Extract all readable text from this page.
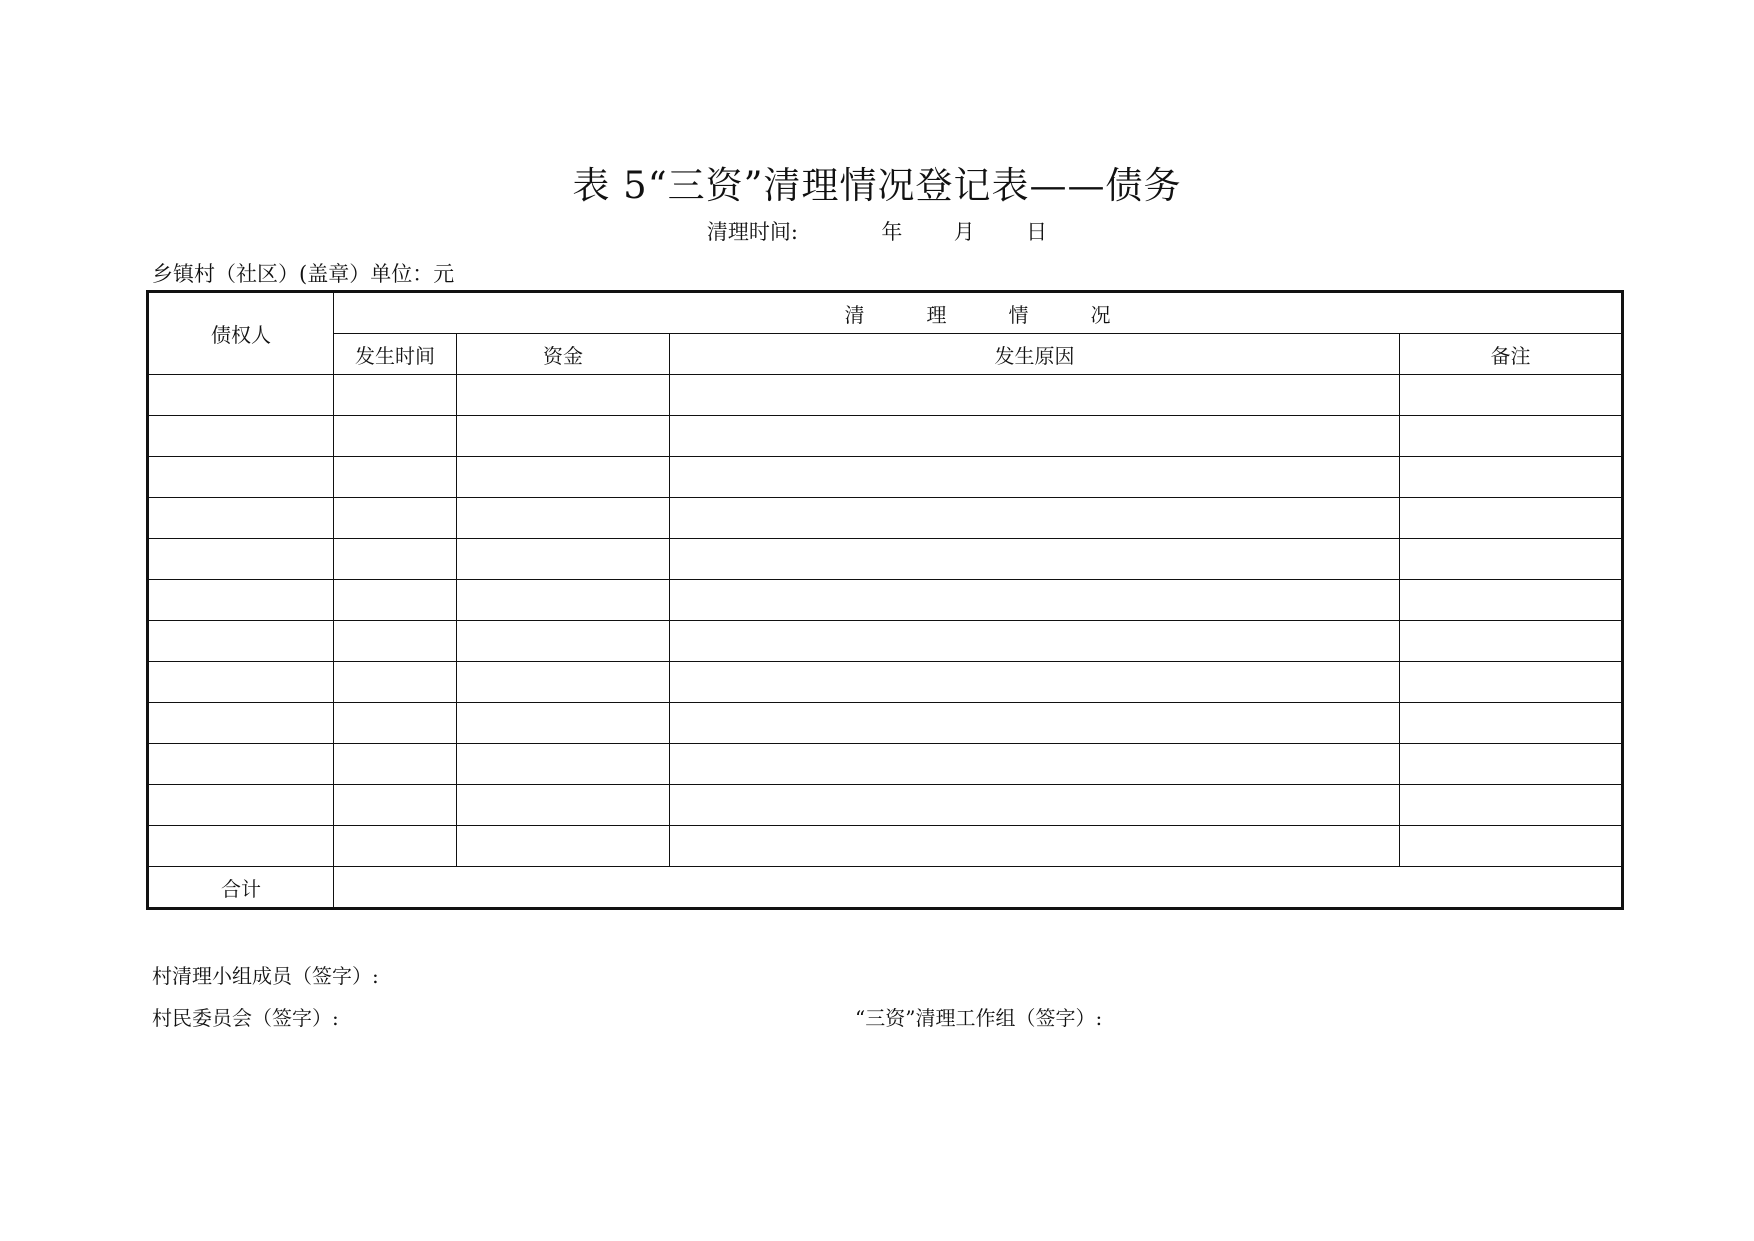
表 5“三资”清理情况登记表——债务
清理时间:	年 月 日
乡镇村（社区）(盖章）单位：元
债权人	清理情况			
	发生时间	资金	发生原因	备注

合计				
村清理小组成员（签字）:
村民委员会（签字）:	“三资”清理工作组（签字）:
